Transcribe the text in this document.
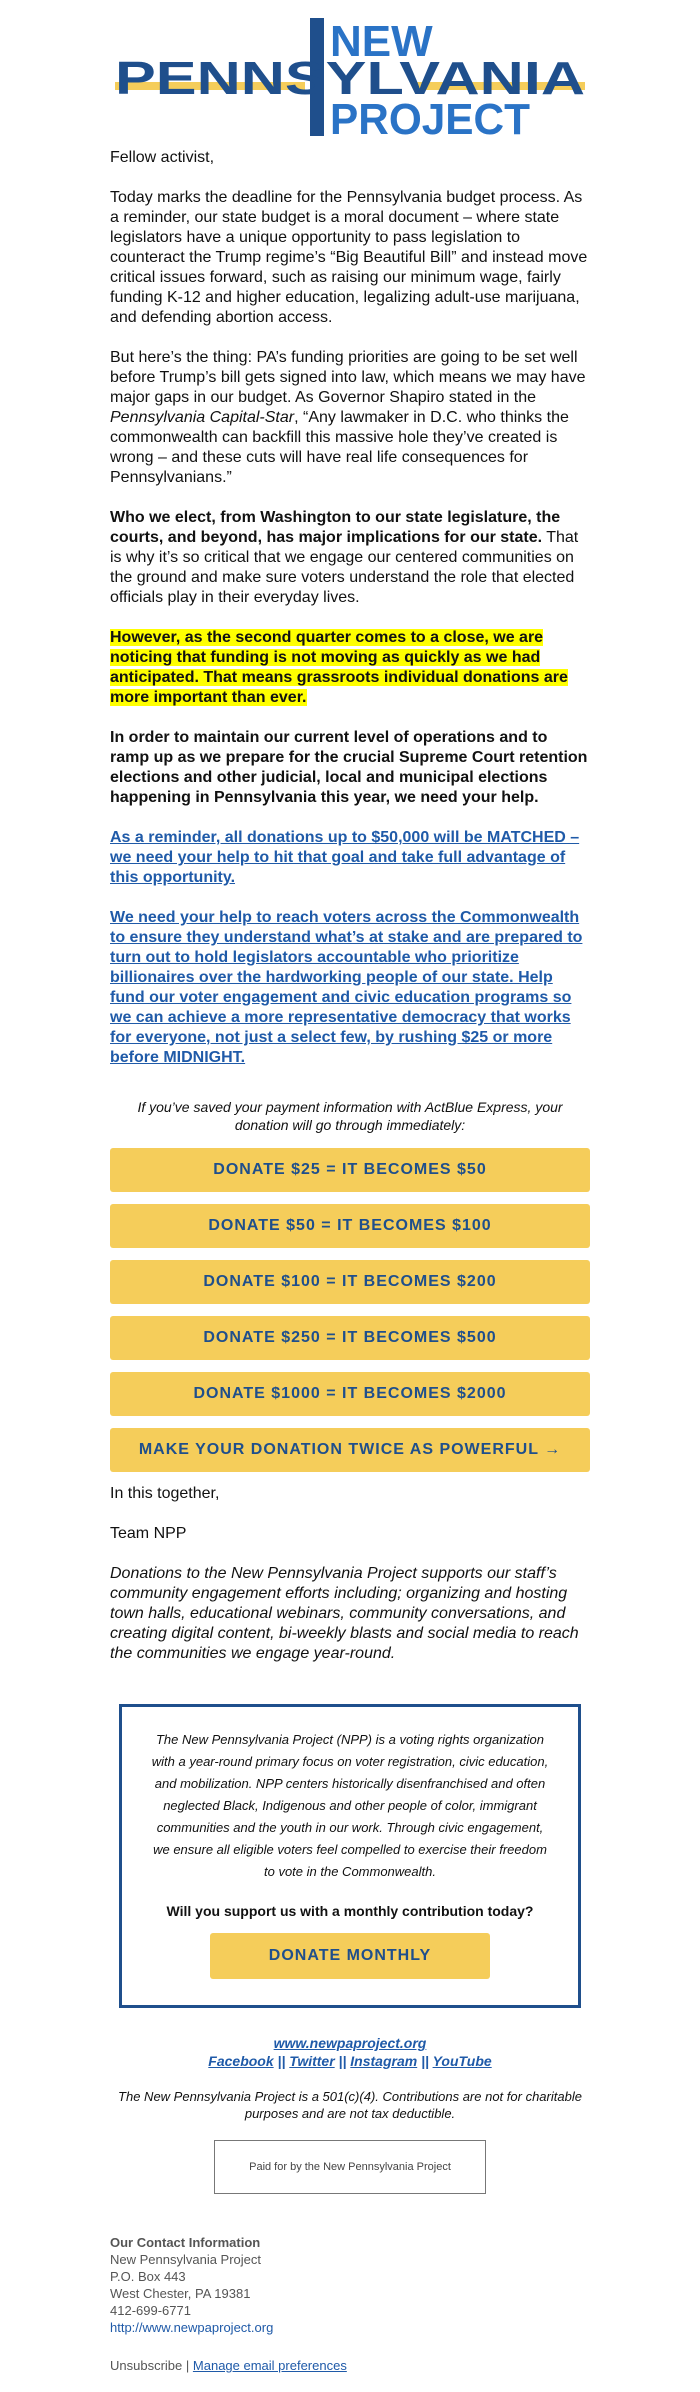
NEW
PENNSYLVANIA
PROJECT

Fellow activist,

Today marks the deadline for the Pennsylvania budget process. As a reminder, our state budget is a moral document – where state legislators have a unique opportunity to pass legislation to counteract the Trump regime’s “Big Beautiful Bill” and instead move critical issues forward, such as raising our minimum wage, fairly funding K-12 and higher education, legalizing adult-use marijuana, and defending abortion access.

But here’s the thing: PA’s funding priorities are going to be set well before Trump’s bill gets signed into law, which means we may have major gaps in our budget. As Governor Shapiro stated in the Pennsylvania Capital-Star, “Any lawmaker in D.C. who thinks the commonwealth can backfill this massive hole they’ve created is wrong – and these cuts will have real life consequences for Pennsylvanians.”

Who we elect, from Washington to our state legislature, the courts, and beyond, has major implications for our state. That is why it’s so critical that we engage our centered communities on the ground and make sure voters understand the role that elected officials play in their everyday lives.

However, as the second quarter comes to a close, we are noticing that funding is not moving as quickly as we had anticipated. That means grassroots individual donations are more important than ever.

In order to maintain our current level of operations and to ramp up as we prepare for the crucial Supreme Court retention elections and other judicial, local and municipal elections happening in Pennsylvania this year, we need your help.

As a reminder, all donations up to $50,000 will be MATCHED – we need your help to hit that goal and take full advantage of this opportunity.

We need your help to reach voters across the Commonwealth to ensure they understand what’s at stake and are prepared to turn out to hold legislators accountable who prioritize billionaires over the hardworking people of our state. Help fund our voter engagement and civic education programs so we can achieve a more representative democracy that works for everyone, not just a select few, by rushing $25 or more before MIDNIGHT.

If you’ve saved your payment information with ActBlue Express, your donation will go through immediately:
DONATE $25 = IT BECOMES $50
DONATE $50 = IT BECOMES $100
DONATE $100 = IT BECOMES $200
DONATE $250 = IT BECOMES $500
DONATE $1000 = IT BECOMES $2000
MAKE YOUR DONATION TWICE AS POWERFUL →

In this together,

Team NPP

Donations to the New Pennsylvania Project supports our staff’s community engagement efforts including; organizing and hosting town halls, educational webinars, community conversations, and creating digital content, bi-weekly blasts and social media to reach the communities we engage year-round.

The New Pennsylvania Project (NPP) is a voting rights organization with a year-round primary focus on voter registration, civic education, and mobilization. NPP centers historically disenfranchised and often neglected Black, Indigenous and other people of color, immigrant communities and the youth in our work. Through civic engagement, we ensure all eligible voters feel compelled to exercise their freedom to vote in the Commonwealth.

Will you support us with a monthly contribution today?

DONATE MONTHLY
www.newpaproject.org
Facebook || Twitter || Instagram || YouTube
The New Pennsylvania Project is a 501(c)(4). Contributions are not for charitable purposes and are not tax deductible.
Paid for by the New Pennsylvania Project
Our Contact Information
New Pennsylvania Project
P.O. Box 443
West Chester, PA 19381
412-699-6771
http://www.newpaproject.org
Unsubscribe | Manage email preferences
